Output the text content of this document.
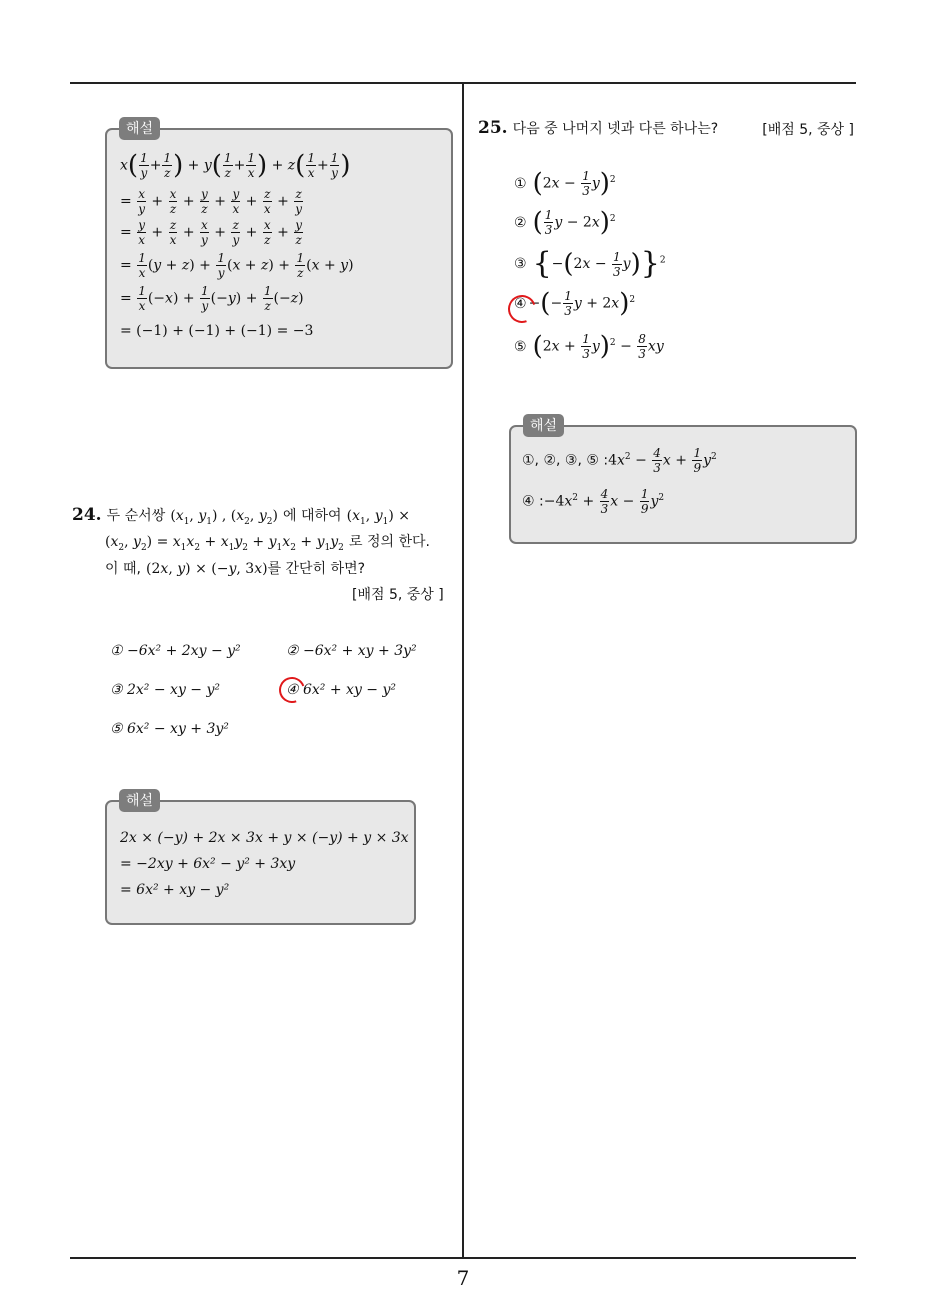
해설
$x( \frac{1}{y} + \frac{1}{z}$ ) + $y( \frac{1}{z} + \frac{1}{x}$ ) + $z( \frac{1}{x} + \frac{1}{y}$ )
= $\frac{x}{y} + \frac{x}{z} + \frac{y}{z} + \frac{y}{x} + \frac{z}{x} + \frac{z}{y}$
= $\frac{y}{x} + \frac{z}{x} + \frac{x}{y} + \frac{z}{y} + \frac{x}{z} + \frac{y}{z}$
= $\frac{1}{x} (y + z) + \frac{1}{y} (x + z) + \frac{1}{z} (x + y)$
= $\frac{1}{x} (-x) + \frac{1}{y} (-y) + \frac{1}{z} (-z)$
= (−1) + (−1) + (−1) = −3
24. 두 순서쌍 ($x_1$, $y_1$) , ($x_2$, $y_2$) 에 대하여 ($x_1$, $y_1$) ×
($x_2$, $y_2) = x_1x_2 + x_1y_2 + y_1x_2 + y_1y_2$ 로 정의 한다.
이 때, (2x, y) × (−y, 3x)를 간단히 하면?
[배점 5, 중상 ]
① −6x² + 2xy − y²	② −6x² + xy + 3y²
③ 2x² − xy − y²	④ 6x² + xy − y²
⑤ 6x² − xy + 3y²
해설
2x × (−y) + 2x × 3x + y × (−y) + y × 3x
= −2xy + 6x² − y² + 3xy
= 6x² + xy − y²
25. 다음 중 나머지 넷과 다른 하나는?	[배점 5, 중상 ]
① $(2x - \frac{1}{3} y)^2$
② ( $\frac{1}{3}$ y − 2x)$^2$
③ $\{-(2x - \frac{1}{3} y)\}^2$
④ −(− $\frac{1}{3}$ y + 2x)$^2$
⑤ $(2x + \frac{1}{3} y)^2 - \frac{8}{3}$ xy
해설
①, ②, ③, ⑤ $:4x^2 - \frac{4}{3}$ $x + \frac{1}{9} y^2$
④ $:-4x^2 + \frac{4}{3}$ $x - \frac{1}{9} y^2$
7
